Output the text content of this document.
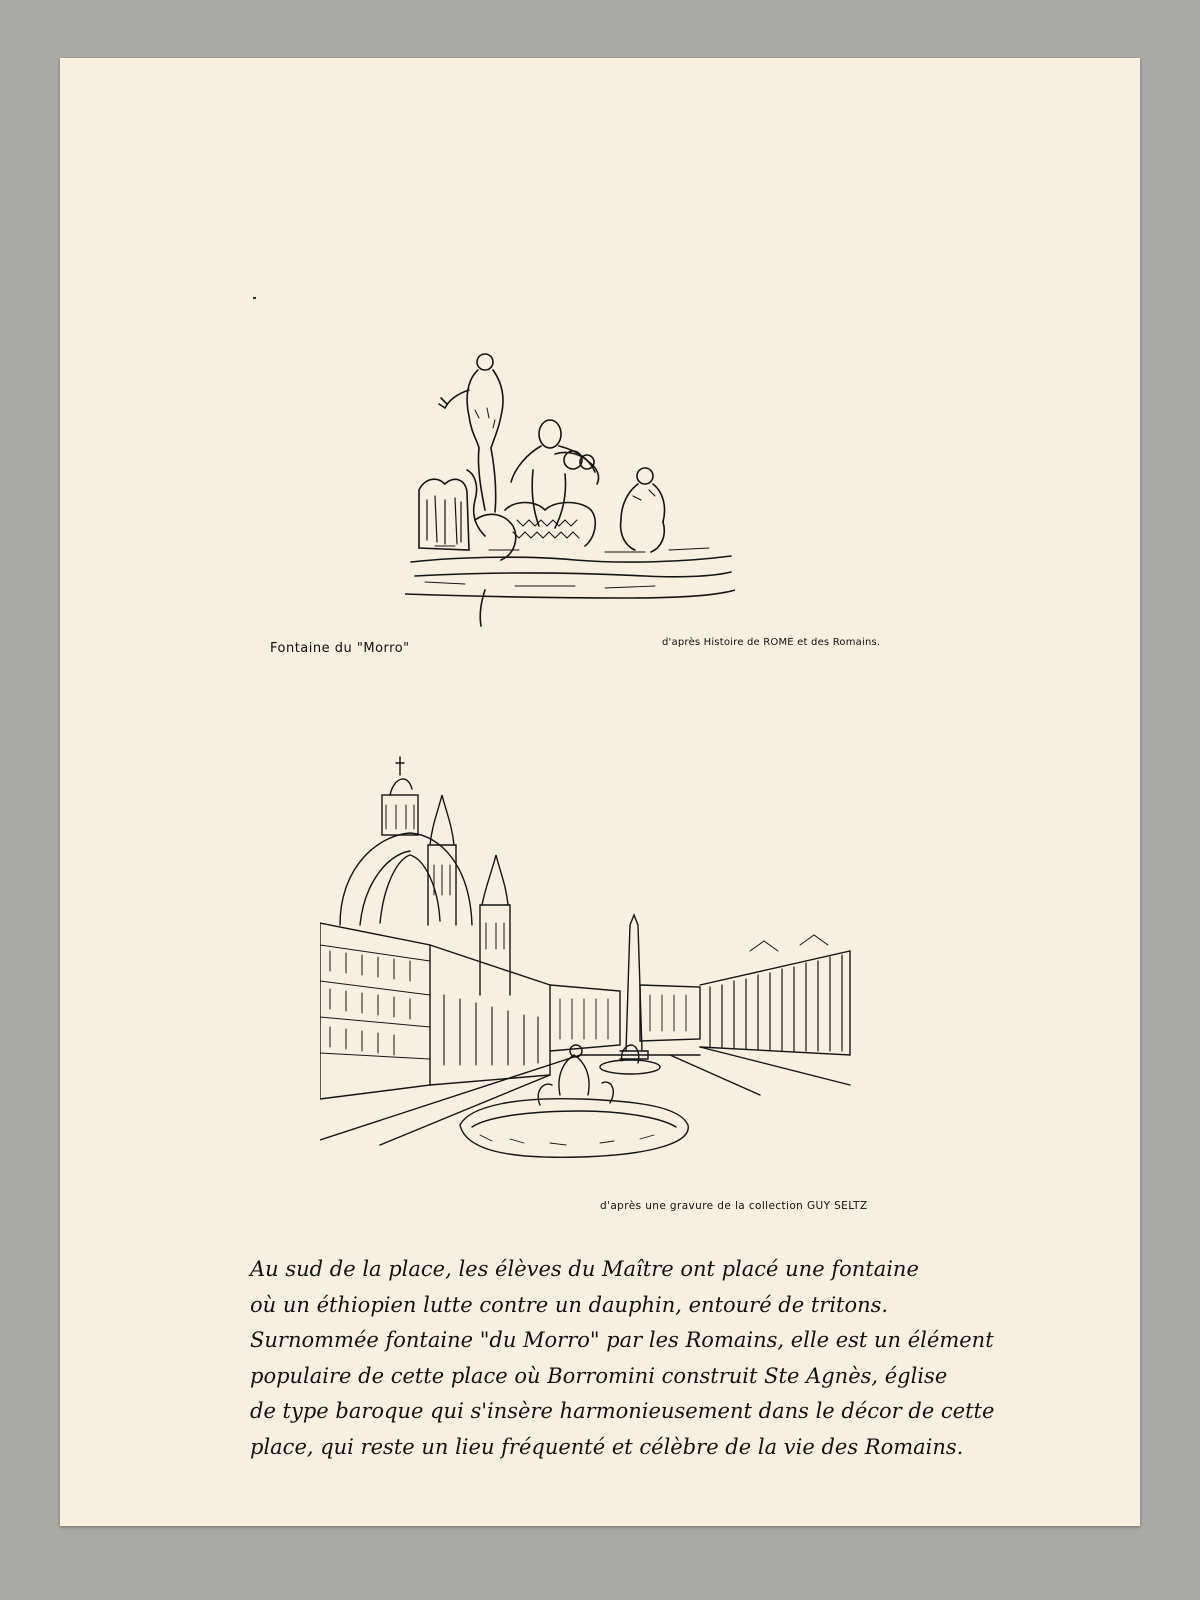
Fontaine du "Morro"	d'après Histoire de ROME et des Romains.
d'après une gravure de la collection GUY SELTZ
Au sud de la place, les élèves du Maître ont placé une fontaine
où un éthiopien lutte contre un dauphin, entouré de tritons.
Surnommée fontaine "du Morro" par les Romains, elle est un élément
populaire de cette place où Borromini construit Ste Agnès, église
de type baroque qui s'insère harmonieusement dans le décor de cette
place, qui reste un lieu fréquenté et célèbre de la vie des Romains.
